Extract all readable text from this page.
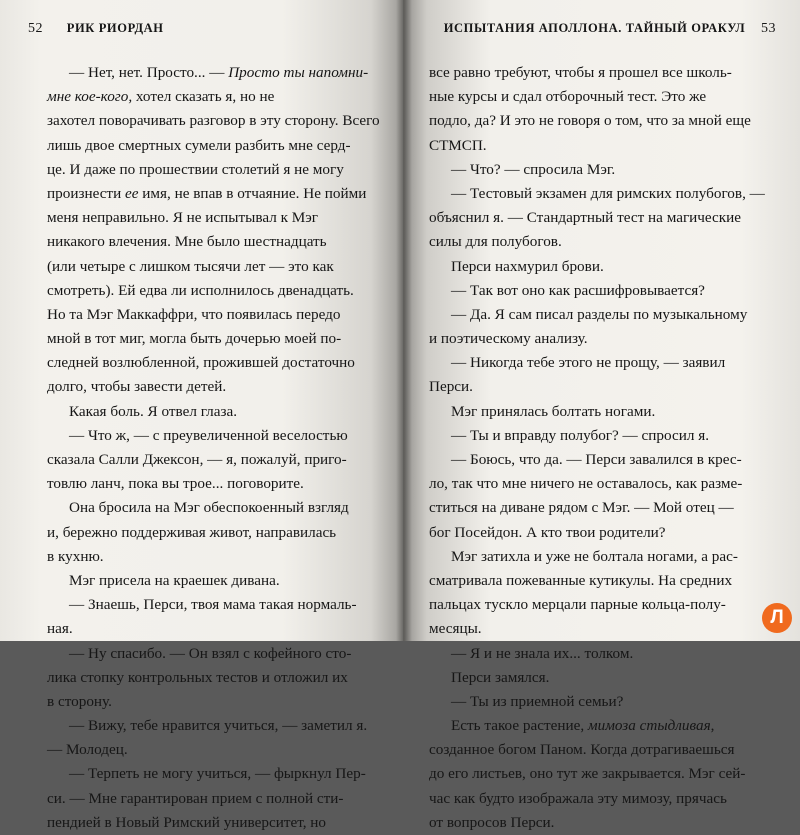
52 РИК РИОРДАН
— Нет, нет. Просто... — Просто ты напомни-
мне кое-кого, хотел сказать я, но не
захотел поворачивать разговор в эту сторону. Всего
лишь двое смертных сумели разбить мне серд-
це. И даже по прошествии столетий я не могу
произнести ее имя, не впав в отчаяние. Не пойми
меня неправильно. Я не испытывал к Мэг
никакого влечения. Мне было шестнадцать
(или четыре с лишком тысячи лет — это как
смотреть). Ей едва ли исполнилось двенадцать.
Но та Мэг Маккаффри, что появилась передо
мной в тот миг, могла быть дочерью моей по-
следней возлюбленной, прожившей достаточно
долго, чтобы завести детей.
Какая боль. Я отвел глаза.
— Что ж, — с преувеличенной веселостью
сказала Салли Джексон, — я, пожалуй, приго-
товлю ланч, пока вы трое... поговорите.
Она бросила на Мэг обеспокоенный взгляд
и, бережно поддерживая живот, направилась
в кухню.
Мэг присела на краешек дивана.
— Знаешь, Перси, твоя мама такая нормаль-
ная.
— Ну спасибо. — Он взял с кофейного сто-
лика стопку контрольных тестов и отложил их
в сторону.
— Вижу, тебе нравится учиться, — заметил я.
— Молодец.
— Терпеть не могу учиться, — фыркнул Пер-
си. — Мне гарантирован прием с полной сти-
пендией в Новый Римский университет, но
ИСПЫТАНИЯ АПОЛЛОНА. ТАЙНЫЙ ОРАКУЛ 53
все равно требуют, чтобы я прошел все школь-
ные курсы и сдал отборочный тест. Это же
подло, да? И это не говоря о том, что за мной еще
СТМСП.
— Что? — спросила Мэг.
— Тестовый экзамен для римских полубогов, —
объяснил я. — Стандартный тест на магические
силы для полубогов.
Перси нахмурил брови.
— Так вот оно как расшифровывается?
— Да. Я сам писал разделы по музыкальному
и поэтическому анализу.
— Никогда тебе этого не прощу, — заявил
Перси.
Мэг принялась болтать ногами.
— Ты и вправду полубог? — спросил я.
— Боюсь, что да. — Перси завалился в крес-
ло, так что мне ничего не оставалось, как разме-
ститься на диване рядом с Мэг. — Мой отец —
бог Посейдон. А кто твои родители?
Мэг затихла и уже не болтала ногами, а рас-
сматривала пожеванные кутикулы. На средних
пальцах тускло мерцали парные кольца-полу-
месяцы.
— Я и не знала их... толком.
Перси замялся.
— Ты из приемной семьи?
Есть такое растение, мимоза стыдливая,
созданное богом Паном. Когда дотрагиваешься
до его листьев, оно тут же закрывается. Мэг сей-
час как будто изображала эту мимозу, прячась
от вопросов Перси.
Л
